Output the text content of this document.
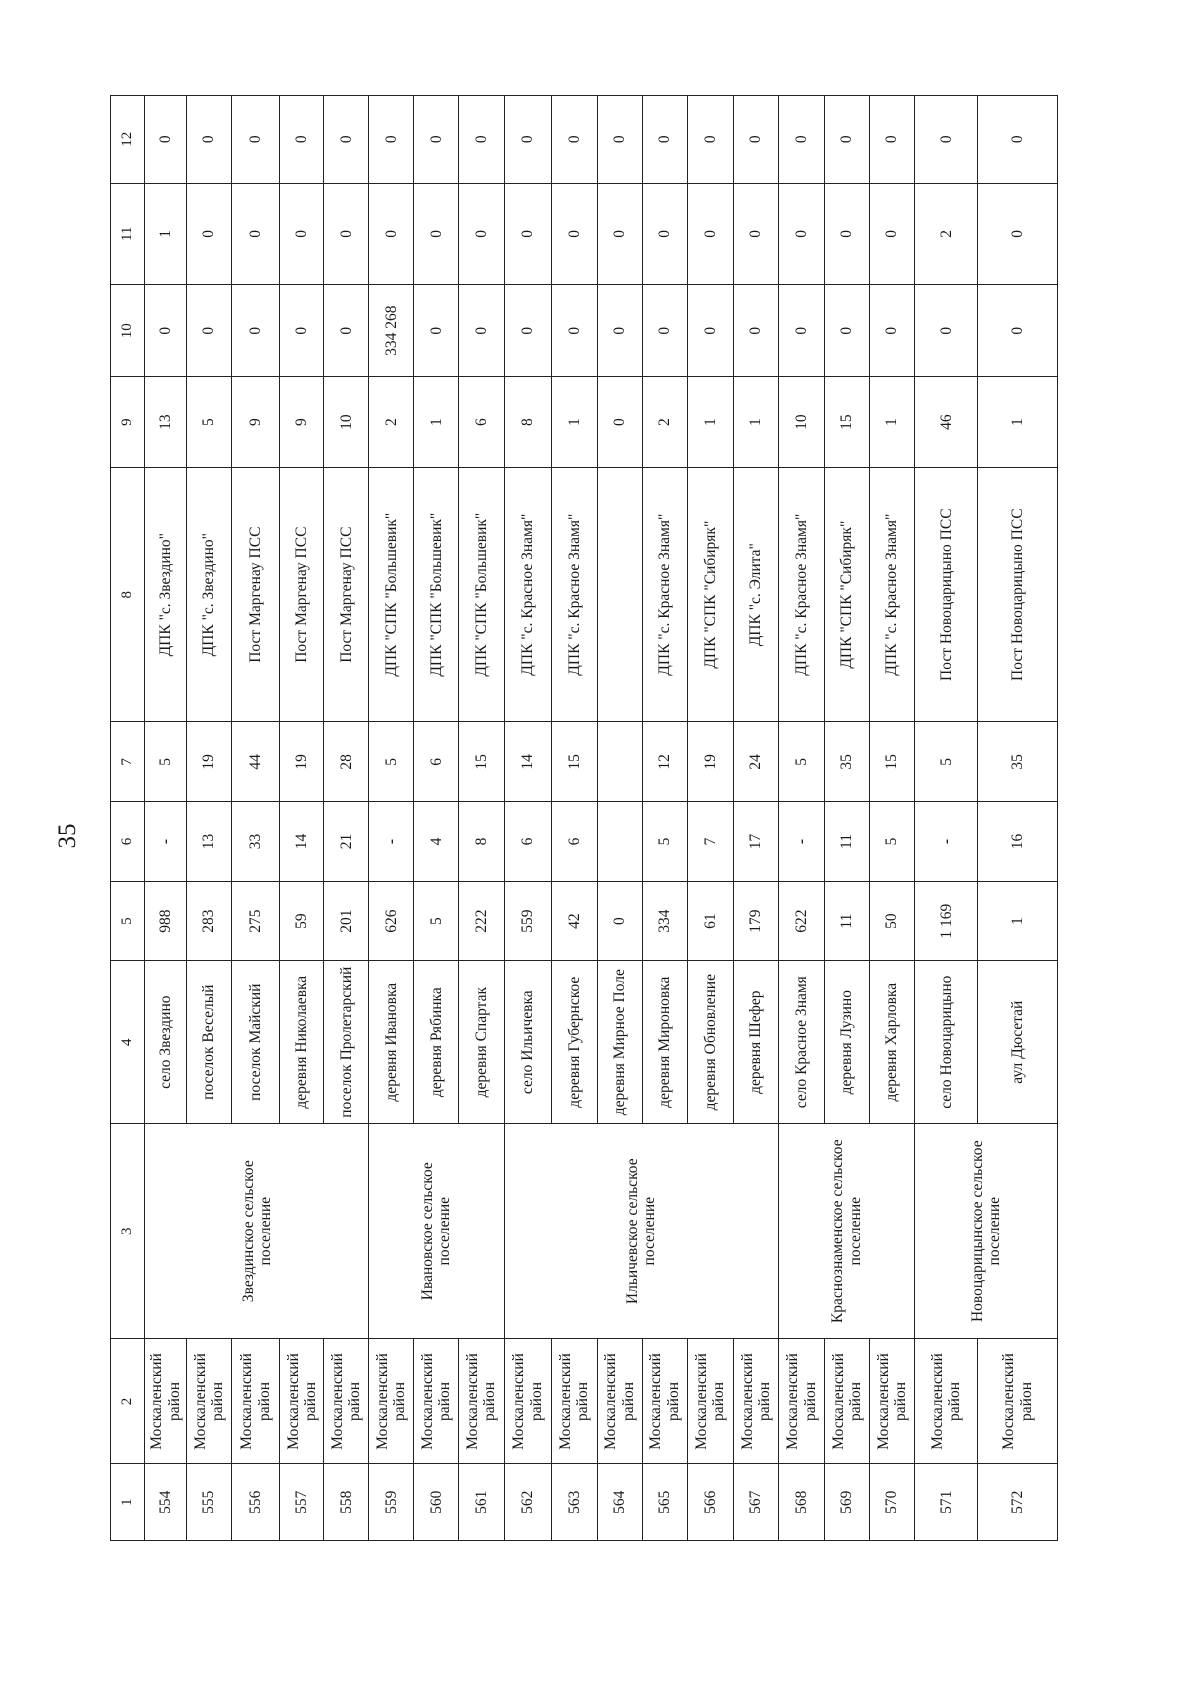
35
1	2	3	4	5	6	7	8	9	10	11	12
554	Москаленский район	Звездинское сельское поселение	село Звездино	988	-	5	ДПК "с. Звездино"	13	0	1	0
555	Москаленский район		поселок Веселый	283	13	19	ДПК "с. Звездино"	5	0	0	0
556	Москаленский район		поселок Майский	275	33	44	Пост Маргенау ПСС	9	0	0	0
557	Москаленский район		деревня Николаевка	59	14	19	Пост Маргенау ПСС	9	0	0	0
558	Москаленский район		поселок Пролетарский	201	21	28	Пост Маргенау ПСС	10	0	0	0
559	Москаленский район	Ивановское сельское поселение	деревня Ивановка	626	-	5	ДПК "СПК "Большевик"	2	334 268	0	0
560	Москаленский район		деревня Рябинка	5	4	6	ДПК "СПК "Большевик"	1	0	0	0
561	Москаленский район		деревня Спартак	222	8	15	ДПК "СПК "Большевик"	6	0	0	0
562	Москаленский район	Ильичевское сельское поселение	село Ильичевка	559	6	14	ДПК "с. Красное Знамя"	8	0	0	0
563	Москаленский район		деревня Губернское	42	6	15	ДПК "с. Красное Знамя"	1	0	0	0
564	Москаленский район		деревня Мирное Поле	0				0	0	0	0
565	Москаленский район		деревня Мироновка	334	5	12	ДПК "с. Красное Знамя"	2	0	0	0
566	Москаленский район		деревня Обновление	61	7	19	ДПК "СПК "Сибиряк"	1	0	0	0
567	Москаленский район		деревня Шефер	179	17	24	ДПК "с. Элита"	1	0	0	0
568	Москаленский район	Краснознаменское сельское поселение	село Красное Знамя	622	-	5	ДПК "с. Красное Знамя"	10	0	0	0
569	Москаленский район		деревня Лузино	11	11	35	ДПК "СПК "Сибиряк"	15	0	0	0
570	Москаленский район		деревня Харловка	50	5	15	ДПК "с. Красное Знамя"	1	0	0	0
571	Москаленский район	Новоцарицынское сельское поселение	село Новоцарицыно	1 169	-	5	Пост Новоцарицыно ПСС	46	0	2	0
572	Москаленский район		аул Дюсетай	1	16	35	Пост Новоцарицыно ПСС	1	0	0	0
